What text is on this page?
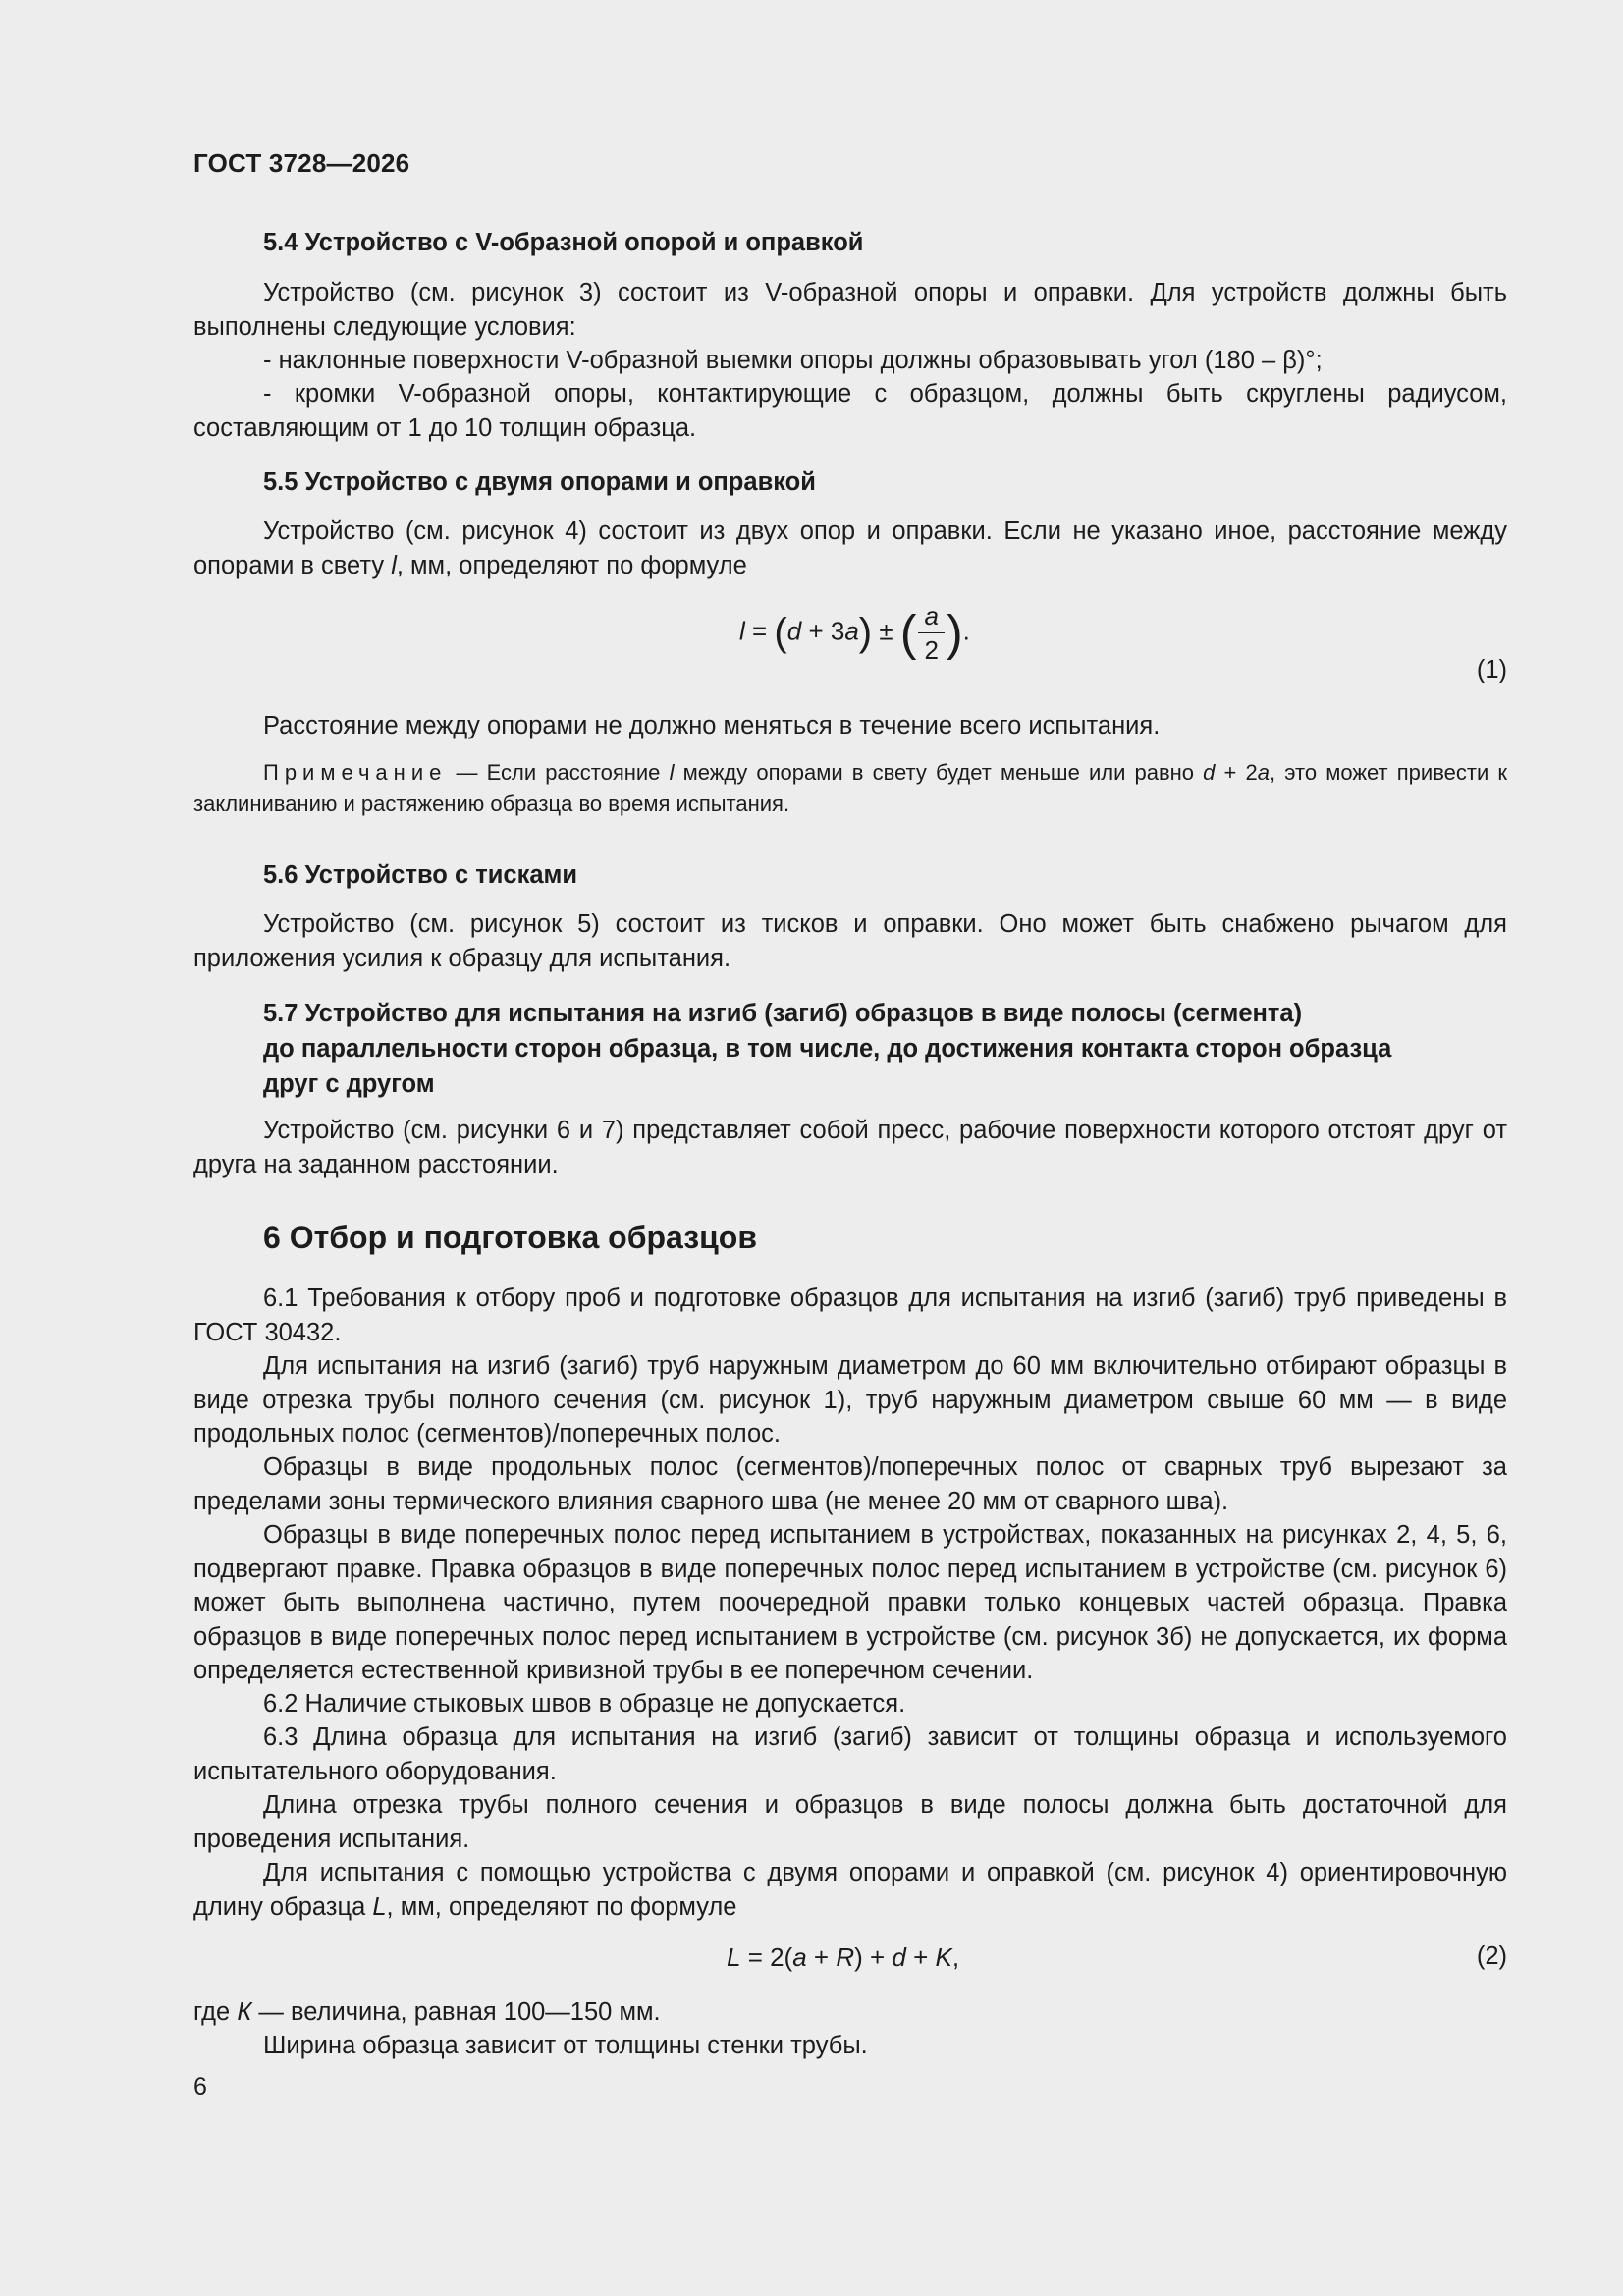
ГОСТ 3728—2026
5.4 Устройство с V-образной опорой и оправкой
Устройство (см. рисунок 3) состоит из V-образной опоры и оправки. Для устройств должны быть выполнены следующие условия:
- наклонные поверхности V-образной выемки опоры должны образовывать угол (180 – β)°;
- кромки V-образной опоры, контактирующие с образцом, должны быть скруглены радиусом, составляющим от 1 до 10 толщин образца.
5.5 Устройство с двумя опорами и оправкой
Устройство (см. рисунок 4) состоит из двух опор и оправки. Если не указано иное, расстояние между опорами в свету l, мм, определяют по формуле
l = (d + 3a) ± ( $\frac{a}{2}$ ).
(1)
Расстояние между опорами не должно меняться в течение всего испытания.
Примечание — Если расстояние l между опорами в свету будет меньше или равно d + 2a, это может привести к заклиниванию и растяжению образца во время испытания.
5.6 Устройство с тисками
Устройство (см. рисунок 5) состоит из тисков и оправки. Оно может быть снабжено рычагом для приложения усилия к образцу для испытания.
5.7 Устройство для испытания на изгиб (загиб) образцов в виде полосы (сегмента)
до параллельности сторон образца, в том числе, до достижения контакта сторон образца
друг с другом
Устройство (см. рисунки 6 и 7) представляет собой пресс, рабочие поверхности которого отстоят друг от друга на заданном расстоянии.
6 Отбор и подготовка образцов
6.1 Требования к отбору проб и подготовке образцов для испытания на изгиб (загиб) труб приведены в ГОСТ 30432.
Для испытания на изгиб (загиб) труб наружным диаметром до 60 мм включительно отбирают образцы в виде отрезка трубы полного сечения (см. рисунок 1), труб наружным диаметром свыше 60 мм — в виде продольных полос (сегментов)/поперечных полос.
Образцы в виде продольных полос (сегментов)/поперечных полос от сварных труб вырезают за пределами зоны термического влияния сварного шва (не менее 20 мм от сварного шва).
Образцы в виде поперечных полос перед испытанием в устройствах, показанных на рисунках 2, 4, 5, 6, подвергают правке. Правка образцов в виде поперечных полос перед испытанием в устройстве (см. рисунок 6) может быть выполнена частично, путем поочередной правки только концевых частей образца. Правка образцов в виде поперечных полос перед испытанием в устройстве (см. рисунок 3б) не допускается, их форма определяется естественной кривизной трубы в ее поперечном сечении.
6.2 Наличие стыковых швов в образце не допускается.
6.3 Длина образца для испытания на изгиб (загиб) зависит от толщины образца и используемого испытательного оборудования.
Длина отрезка трубы полного сечения и образцов в виде полосы должна быть достаточной для проведения испытания.
Для испытания с помощью устройства с двумя опорами и оправкой (см. рисунок 4) ориентировочную длину образца L, мм, определяют по формуле
L = 2(a + R) + d + K,	(2)
где К — величина, равная 100—150 мм.
Ширина образца зависит от толщины стенки трубы.
6
